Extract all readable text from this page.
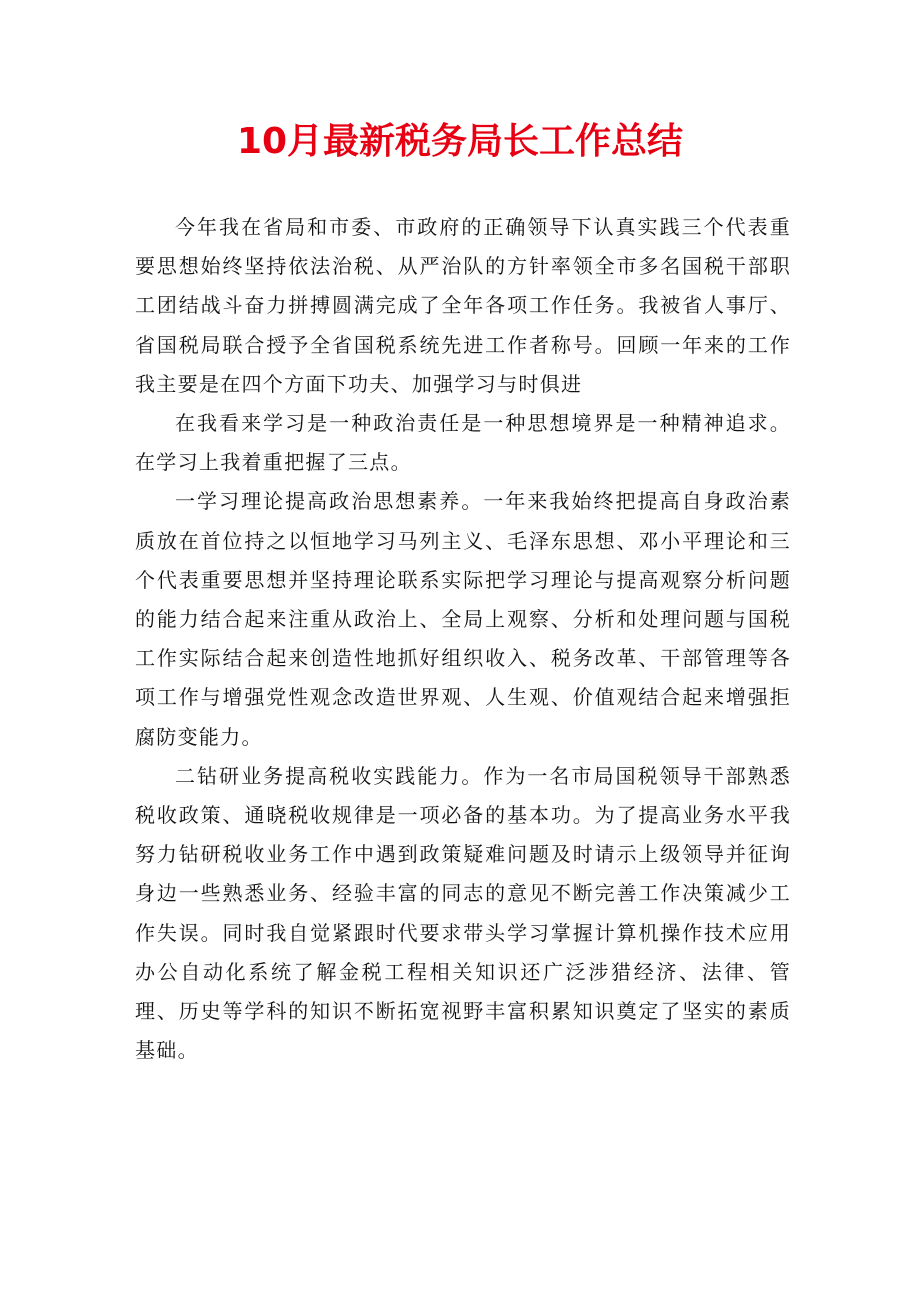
10月最新税务局长工作总结

今年我在省局和市委、市政府的正确领导下认真实践三个代表重要思想始终坚持依法治税、从严治队的方针率领全市多名国税干部职工团结战斗奋力拼搏圆满完成了全年各项工作任务。我被省人事厅、省国税局联合授予全省国税系统先进工作者称号。回顾一年来的工作我主要是在四个方面下功夫、加强学习与时俱进

在我看来学习是一种政治责任是一种思想境界是一种精神追求。在学习上我着重把握了三点。

一学习理论提高政治思想素养。一年来我始终把提高自身政治素质放在首位持之以恒地学习马列主义、毛泽东思想、邓小平理论和三个代表重要思想并坚持理论联系实际把学习理论与提高观察分析问题的能力结合起来注重从政治上、全局上观察、分析和处理问题与国税工作实际结合起来创造性地抓好组织收入、税务改革、干部管理等各项工作与增强党性观念改造世界观、人生观、价值观结合起来增强拒腐防变能力。

二钻研业务提高税收实践能力。作为一名市局国税领导干部熟悉税收政策、通晓税收规律是一项必备的基本功。为了提高业务水平我努力钻研税收业务工作中遇到政策疑难问题及时请示上级领导并征询身边一些熟悉业务、经验丰富的同志的意见不断完善工作决策减少工作失误。同时我自觉紧跟时代要求带头学习掌握计算机操作技术应用办公自动化系统了解金税工程相关知识还广泛涉猎经济、法律、管理、历史等学科的知识不断拓宽视野丰富积累知识奠定了坚实的素质基础。
